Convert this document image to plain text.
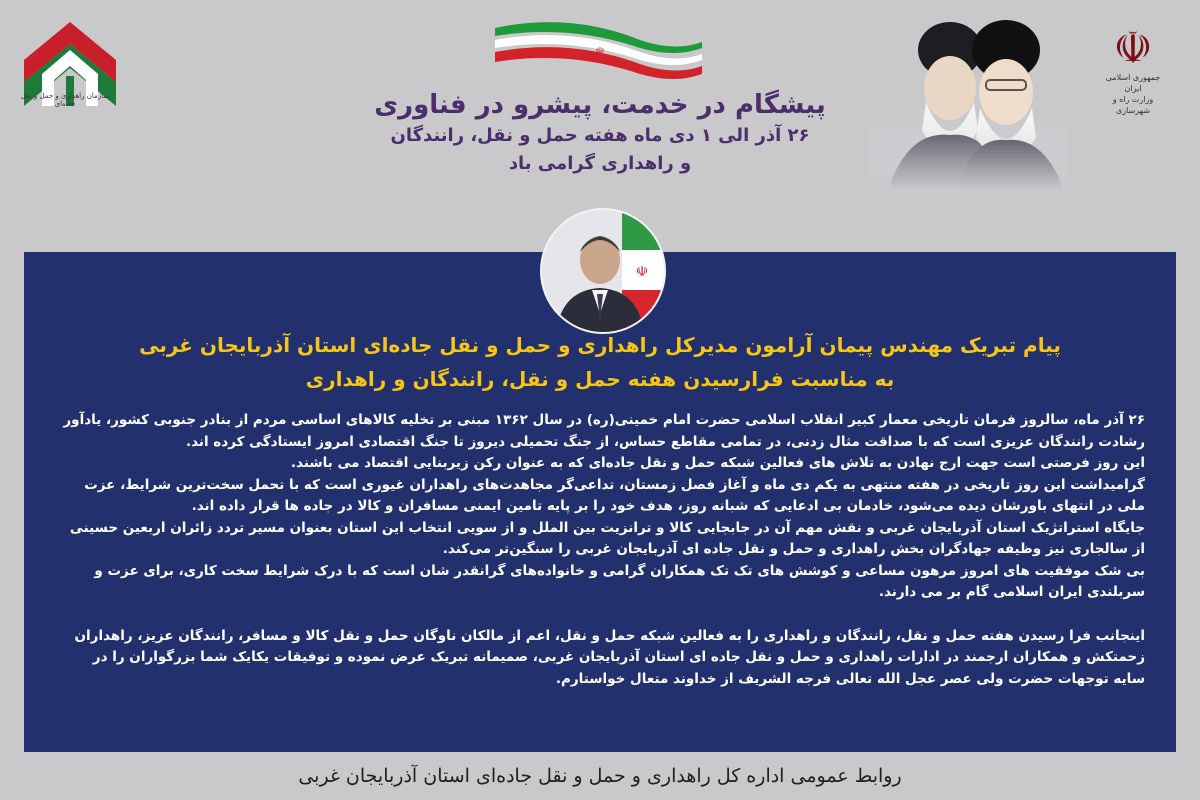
سازمان راهداری و حمل و نقل جاده‌ای
☫
جمهوری اسلامی ایران
وزارت راه و شهرسازی
☫
پیشگام در خدمت، پیشرو در فناوری
۲۶ آذر الی ۱ دی ماه هفته حمل و نقل، رانندگان
و راهداری گرامی باد
☫
پیام تبریک مهندس پیمان آرامون مدیرکل راهداری و حمل و نقل جاده‌ای استان آذربایجان غربی
به مناسبت فرارسیدن هفته حمل و نقل، رانندگان و راهداری

۲۶ آذر ماه، سالروز فرمان تاریخی معمار کبیر انقلاب اسلامی حضرت امام خمینی(ره) در سال ۱۳۶۲ مبنی بر تخلیه کالاهای اساسی مردم از بنادر جنوبی کشور، یادآور رشادت رانندگان عزیزی است که با صداقت مثال زدنی، در تمامی مقاطع حساس، از جنگ تحمیلی دیروز تا جنگ اقتصادی امروز ایستادگی کرده اند.

این روز فرصتی است جهت ارج نهادن به تلاش های فعالین شبکه حمل و نقل جاده‌ای که به عنوان رکن زیربنایی اقتصاد می باشند.

گرامیداشت این روز تاریخی در هفته منتهی به یکم دی ماه و آغاز فصل زمستان، تداعی‌گر مجاهدت‌های راهداران غیوری است که با تحمل سخت‌ترین شرایط، عزت ملی در انتهای باورشان دیده می‌شود، خادمان بی ادعایی که شبانه روز، هدف خود را بر پایه تامین ایمنی مسافران و کالا در جاده ها قرار داده اند.

جایگاه استراتژیک استان آذربایجان غربی و نقش مهم آن در جابجایی کالا و ترانزیت بین الملل و از سویی انتخاب این استان بعنوان مسیر تردد زائران اربعین حسینی از سالجاری نیز وظیفه جهادگران بخش راهداری و حمل و نقل جاده ای آذربایجان غربی را سنگین‌تر می‌کند.

بی شک موفقیت های امروز مرهون مساعی و کوشش های تک تک همکاران گرامی و خانواده‌های گرانقدر شان است که با درک شرایط سخت کاری، برای عزت و سربلندی ایران اسلامی گام بر می دارند.

اینجانب فرا رسیدن هفته حمل و نقل، رانندگان و راهداری را به فعالین شبکه حمل و نقل، اعم از مالکان ناوگان حمل و نقل کالا و مسافر، رانندگان عزیز، راهداران زحمتکش و همکاران ارجمند در ادارات راهداری و حمل و نقل جاده ای استان آذربایجان غربی، صمیمانه تبریک عرض نموده و توفیقات یکایک شما بزرگواران را در سایه توجهات حضرت ولی عصر عجل الله تعالی فرجه الشریف از خداوند متعال خواستارم.

روابط عمومی اداره کل راهداری و حمل و نقل جاده‌ای استان آذربایجان غربی
